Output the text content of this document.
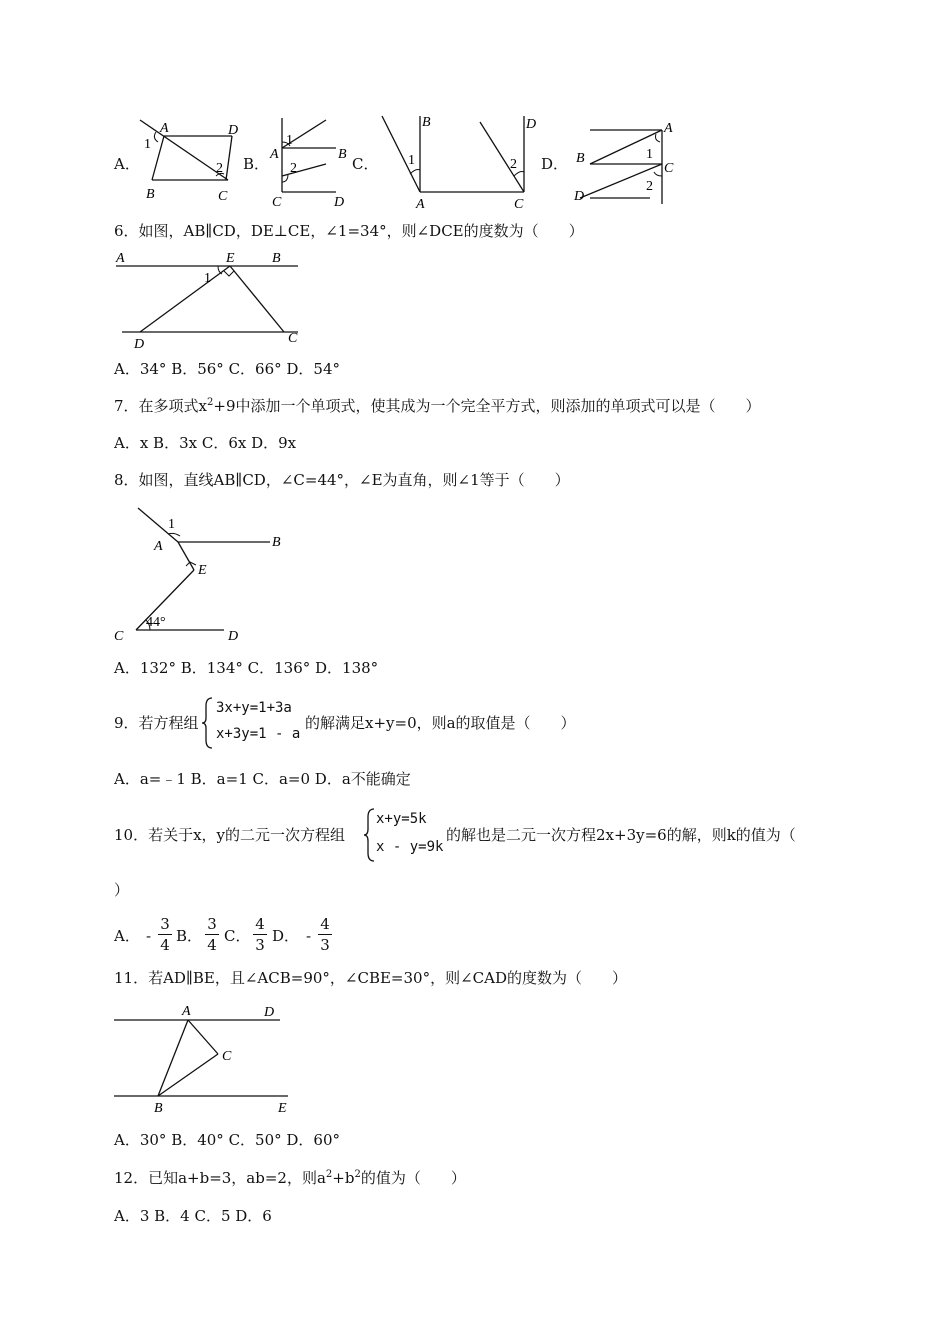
A．
A	D
1
2
B	C
B．
A	B
1
2
C	D
C．
B	D
1	2
A	C
D．
A
B
C
D
1
2
6．如图，AB∥CD，DE⊥CE，∠1=34°，则∠DCE的度数为（　　）
A	E	B
1
D	C
A．34° B．56° C．66° D．54°
7．在多项式$x^2+9$中添加一个单项式，使其成为一个完全平方式，则添加的单项式可以是（　　）
A．x B．3x C．6x D．9x
8．如图，直线AB∥CD，∠C=44°，∠E为直角，则∠1等于（　　）
1
A	B
E
44°
C	D
A．132° B．134° C．136° D．138°
9．若方程组
3x+y=1+3a
x+3y=1 - a
的解满足x+y=0，则a的取值是（　　）
A．a=﹣1 B．a=1 C．a=0 D．a不能确定
10．若关于x，y的二元一次方程组
x+y=5k
x - y=9k
的解也是二元一次方程2x+3y=6的解，则k的值为（
）
A． -
3
4 B．
3
4 C．
4
3 D． -
4
3
11．若AD∥BE，且∠ACB=90°，∠CBE=30°，则∠CAD的度数为（　　）
A	D
C
B	E
A．30° B．40° C．50° D．60°
12．已知a+b=3，ab=2，则$a^2+b^2$的值为（　　）
A．3 B．4 C．5 D．6
